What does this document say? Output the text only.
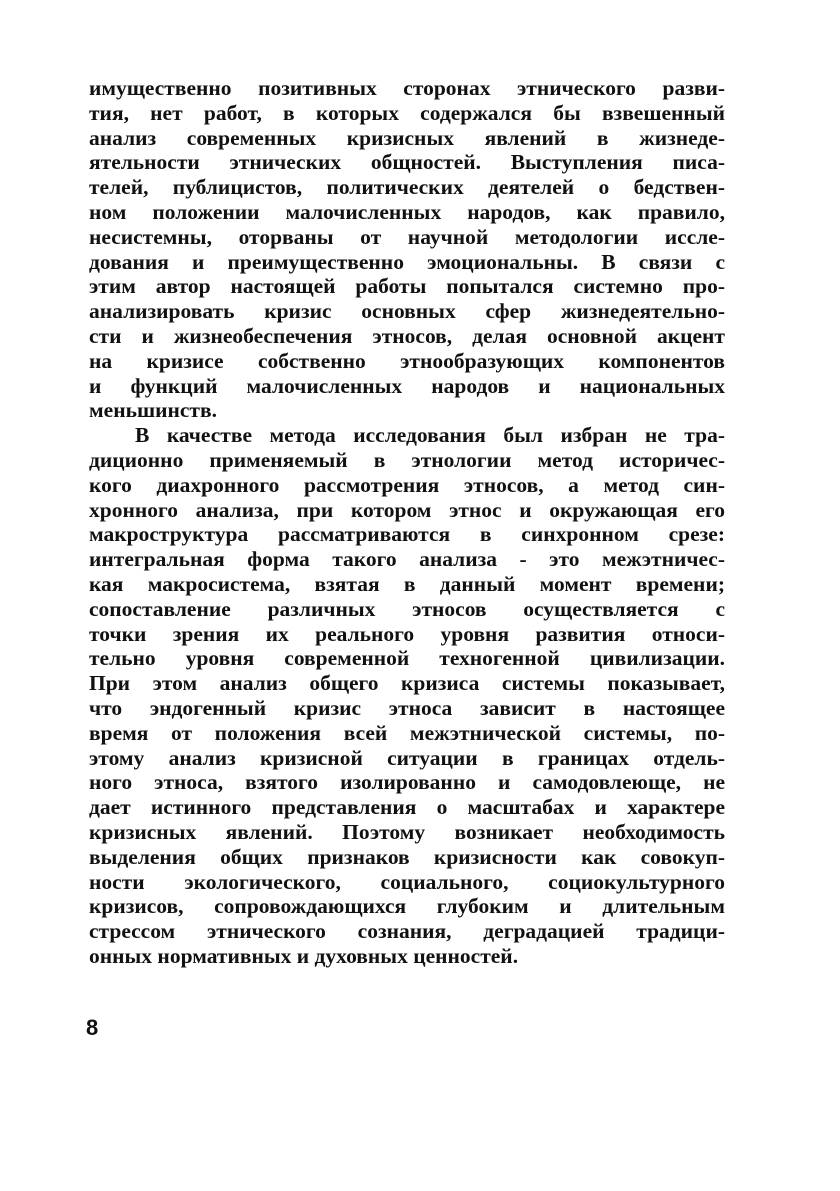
имущественно позитивных сторонах этнического разви-
тия, нет работ, в которых содержался бы взвешенный
анализ современных кризисных явлений в жизнеде-
ятельности этнических общностей. Выступления писа-
телей, публицистов, политических деятелей о бедствен-
ном положении малочисленных народов, как правило,
несистемны, оторваны от научной методологии иссле-
дования и преимущественно эмоциональны. В связи с
этим автор настоящей работы попытался системно про-
анализировать кризис основных сфер жизнедеятельно-
сти и жизнеобеспечения этносов, делая основной акцент
на кризисе собственно этнообразующих компонентов
и функций малочисленных народов и национальных
меньшинств.
В качестве метода исследования был избран не тра-
диционно применяемый в этнологии метод историчес-
кого диахронного рассмотрения этносов, а метод син-
хронного анализа, при котором этнос и окружающая его
макроструктура рассматриваются в синхронном срезе:
интегральная форма такого анализа - это межэтничес-
кая макросистема, взятая в данный момент времени;
сопоставление различных этносов осуществляется с
точки зрения их реального уровня развития относи-
тельно уровня современной техногенной цивилизации.
При этом анализ общего кризиса системы показывает,
что эндогенный кризис этноса зависит в настоящее
время от положения всей межэтнической системы, по-
этому анализ кризисной ситуации в границах отдель-
ного этноса, взятого изолированно и самодовлеюще, не
дает истинного представления о масштабах и характере
кризисных явлений. Поэтому возникает необходимость
выделения общих признаков кризисности как совокуп-
ности экологического, социального, социокультурного
кризисов, сопровождающихся глубоким и длительным
стрессом этнического сознания, деградацией традици-
онных нормативных и духовных ценностей.
8
